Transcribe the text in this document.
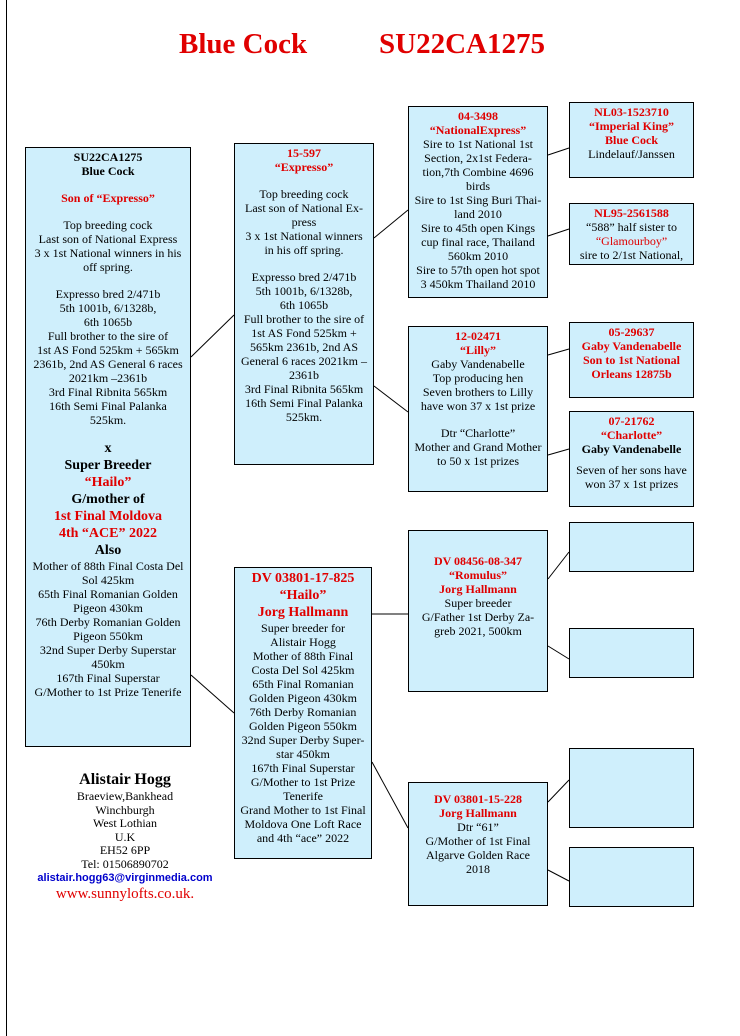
Blue Cock SU22CA1275
SU22CA1275
Blue Cock
Son of “Expresso”
Top breeding cock
Last son of National Express
3 x 1st National winners in his
off spring.
Expresso bred 2/471b
5th 1001b, 6/1328b,
6th 1065b
Full brother to the sire of
1st AS Fond 525km + 565km
2361b, 2nd AS General 6 races
2021km –2361b
3rd Final Ribnita 565km
16th Semi Final Palanka
525km.
x
Super Breeder
“Hailo”
G/mother of
1st Final Moldova
4th “ACE” 2022
Also
Mother of 88th Final Costa Del
Sol 425km
65th Final Romanian Golden
Pigeon 430km
76th Derby Romanian Golden
Pigeon 550km
32nd Super Derby Superstar
450km
167th Final Superstar
G/Mother to 1st Prize Tenerife
15-597
“Expresso”
Top breeding cock
Last son of National Ex-
press
3 x 1st National winners
in his off spring.
Expresso bred 2/471b
5th 1001b, 6/1328b,
6th 1065b
Full brother to the sire of
1st AS Fond 525km +
565km 2361b, 2nd AS
General 6 races 2021km –
2361b
3rd Final Ribnita 565km
16th Semi Final Palanka
525km.
DV 03801-17-825
“Hailo”
Jorg Hallmann
Super breeder for
Alistair Hogg
Mother of 88th Final
Costa Del Sol 425km
65th Final Romanian
Golden Pigeon 430km
76th Derby Romanian
Golden Pigeon 550km
32nd Super Derby Super-
star 450km
167th Final Superstar
G/Mother to 1st Prize
Tenerife
Grand Mother to 1st Final
Moldova One Loft Race
and 4th “ace” 2022
04-3498
“NationalExpress”
Sire to 1st National 1st
Section, 2x1st Federa-
tion,7th Combine 4696
birds
Sire to 1st Sing Buri Thai-
land 2010
Sire to 45th open Kings
cup final race, Thailand
560km 2010
Sire to 57th open hot spot
3 450km Thailand 2010
12-02471
“Lilly”
Gaby Vandenabelle
Top producing hen
Seven brothers to Lilly
have won 37 x 1st prize
Dtr “Charlotte”
Mother and Grand Mother
to 50 x 1st prizes
DV 08456-08-347
“Romulus”
Jorg Hallmann
Super breeder
G/Father 1st Derby Za-
greb 2021, 500km
DV 03801-15-228
Jorg Hallmann
Dtr “61”
G/Mother of 1st Final
Algarve Golden Race
2018
NL03-1523710
“Imperial King”
Blue Cock
Lindelauf/Janssen
NL95-2561588
“588” half sister to
“Glamourboy”
sire to 2/1st National,
05-29637
Gaby Vandenabelle
Son to 1st National
Orleans 12875b
07-21762
“Charlotte”
Gaby Vandenabelle
Seven of her sons have
won 37 x 1st prizes
Alistair Hogg
Braeview,Bankhead
Winchburgh
West Lothian
U.K
EH52 6PP
Tel: 01506890702
alistair.hogg63@virginmedia.com
www.sunnylofts.co.uk.
